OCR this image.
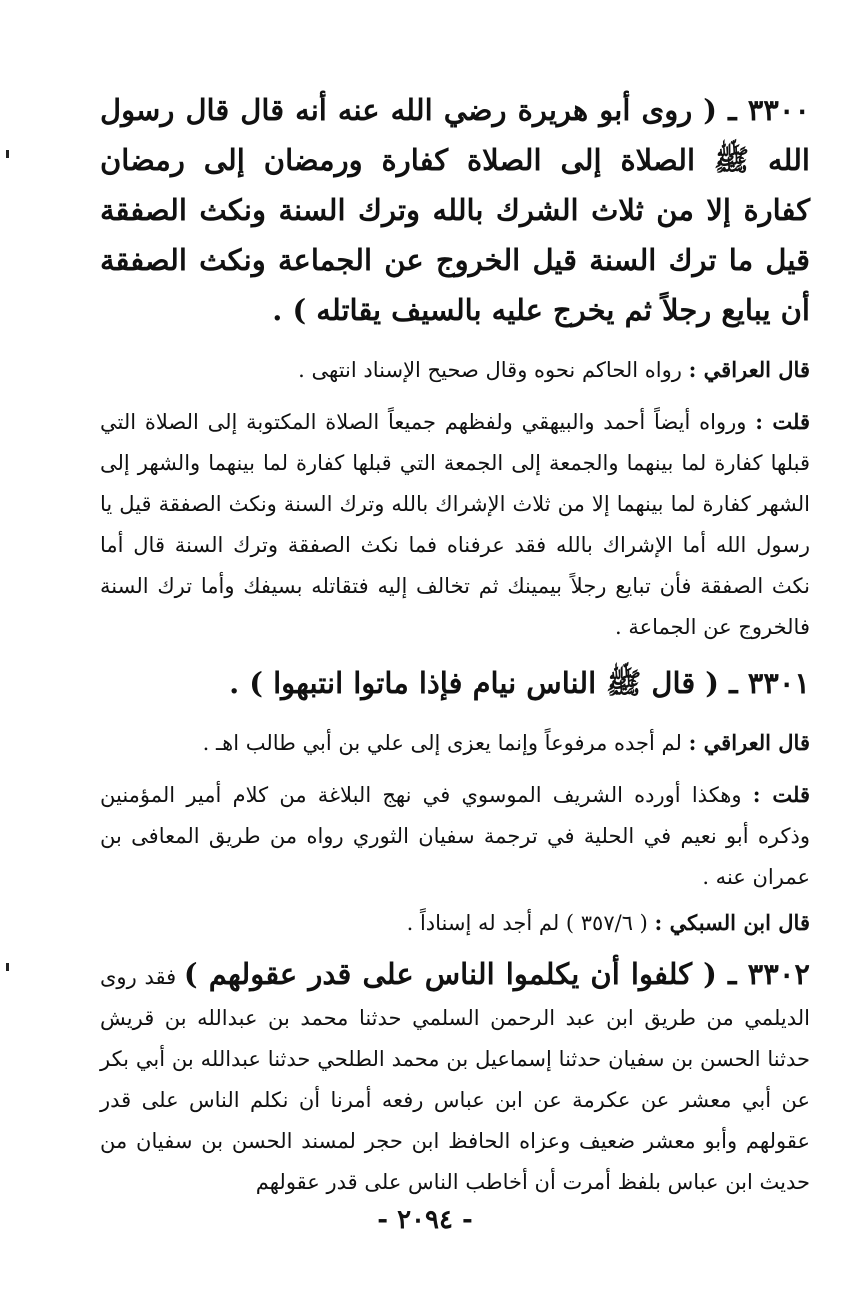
٣٣٠٠ ـ ( روى أبو هريرة رضي الله عنه أنه قال قال رسول الله ﷺ الصلاة إلى الصلاة كفارة ورمضان إلى رمضان كفارة إلا من ثلاث الشرك بالله وترك السنة ونكث الصفقة قيل ما ترك السنة قيل الخروج عن الجماعة ونكث الصفقة أن يبايع رجلاً ثم يخرج عليه بالسيف يقاتله ) .

قال العراقي : رواه الحاكم نحوه وقال صحيح الإسناد انتهى .

قلت : ورواه أيضاً أحمد والبيهقي ولفظهم جميعاً الصلاة المكتوبة إلى الصلاة التي قبلها كفارة لما بينهما والجمعة إلى الجمعة التي قبلها كفارة لما بينهما والشهر إلى الشهر كفارة لما بينهما إلا من ثلاث الإشراك بالله وترك السنة ونكث الصفقة قيل يا رسول الله أما الإشراك بالله فقد عرفناه فما نكث الصفقة وترك السنة قال أما نكث الصفقة فأن تبايع رجلاً بيمينك ثم تخالف إليه فتقاتله بسيفك وأما ترك السنة فالخروج عن الجماعة .

٣٣٠١ ـ ( قال ﷺ الناس نيام فإذا ماتوا انتبهوا ) .

قال العراقي : لم أجده مرفوعاً وإنما يعزى إلى علي بن أبي طالب اهـ .

قلت : وهكذا أورده الشريف الموسوي في نهج البلاغة من كلام أمير المؤمنين وذكره أبو نعيم في الحلية في ترجمة سفيان الثوري رواه من طريق المعافى بن عمران عنه .

قال ابن السبكي : ( ٣٥٧/٦ ) لم أجد له إسناداً .

٣٣٠٢ ـ ( كلفوا أن يكلموا الناس على قدر عقولهم ) فقد روى الديلمي من طريق ابن عبد الرحمن السلمي حدثنا محمد بن عبدالله بن قريش حدثنا الحسن بن سفيان حدثنا إسماعيل بن محمد الطلحي حدثنا عبدالله بن أبي بكر عن أبي معشر عن عكرمة عن ابن عباس رفعه أمرنا أن نكلم الناس على قدر عقولهم وأبو معشر ضعيف وعزاه الحافظ ابن حجر لمسند الحسن بن سفيان من حديث ابن عباس بلفظ أمرت أن أخاطب الناس على قدر عقولهم

- ٢٠٩٤ -
